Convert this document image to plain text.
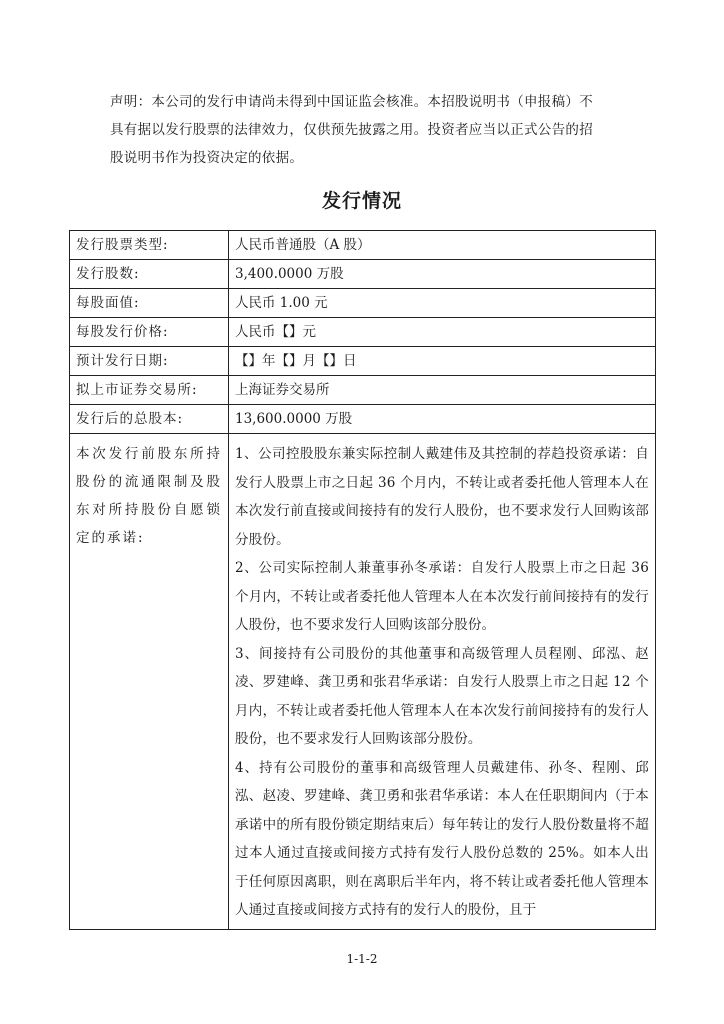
声明：本公司的发行申请尚未得到中国证监会核准。本招股说明书（申报稿）不

具有据以发行股票的法律效力，仅供预先披露之用。投资者应当以正式公告的招

股说明书作为投资决定的依据。

发行情况
发行股票类型:	人民币普通股（A 股）
发行股数:	3,400.0000 万股
每股面值:	人民币 1.00 元
每股发行价格:	人民币【】元
预计发行日期:	【】年【】月【】日
拟上市证券交易所:	上海证券交易所
发行后的总股本:	13,600.0000 万股
本次发行前股东所持股份的流通限制及股东对所持股份自愿锁定的承诺:	1、公司控股股东兼实际控制人戴建伟及其控制的荐趋投资承诺：自发行人股票上市之日起 36 个月内，不转让或者委托他人管理本人在本次发行前直接或间接持有的发行人股份，也不要求发行人回购该部分股份。

2、公司实际控制人兼董事孙冬承诺：自发行人股票上市之日起 36 个月内，不转让或者委托他人管理本人在本次发行前间接持有的发行人股份，也不要求发行人回购该部分股份。

3、间接持有公司股份的其他董事和高级管理人员程刚、邱泓、赵凌、罗建峰、龚卫勇和张君华承诺：自发行人股票上市之日起 12 个月内，不转让或者委托他人管理本人在本次发行前间接持有的发行人股份，也不要求发行人回购该部分股份。

4、持有公司股份的董事和高级管理人员戴建伟、孙冬、程刚、邱泓、赵凌、罗建峰、龚卫勇和张君华承诺：本人在任职期间内（于本承诺中的所有股份锁定期结束后）每年转让的发行人股份数量将不超过本人通过直接或间接方式持有发行人股份总数的 25%。如本人出于任何原因离职，则在离职后半年内，将不转让或者委托他人管理本人通过直接或间接方式持有的发行人的股份，且于

1-1-2
